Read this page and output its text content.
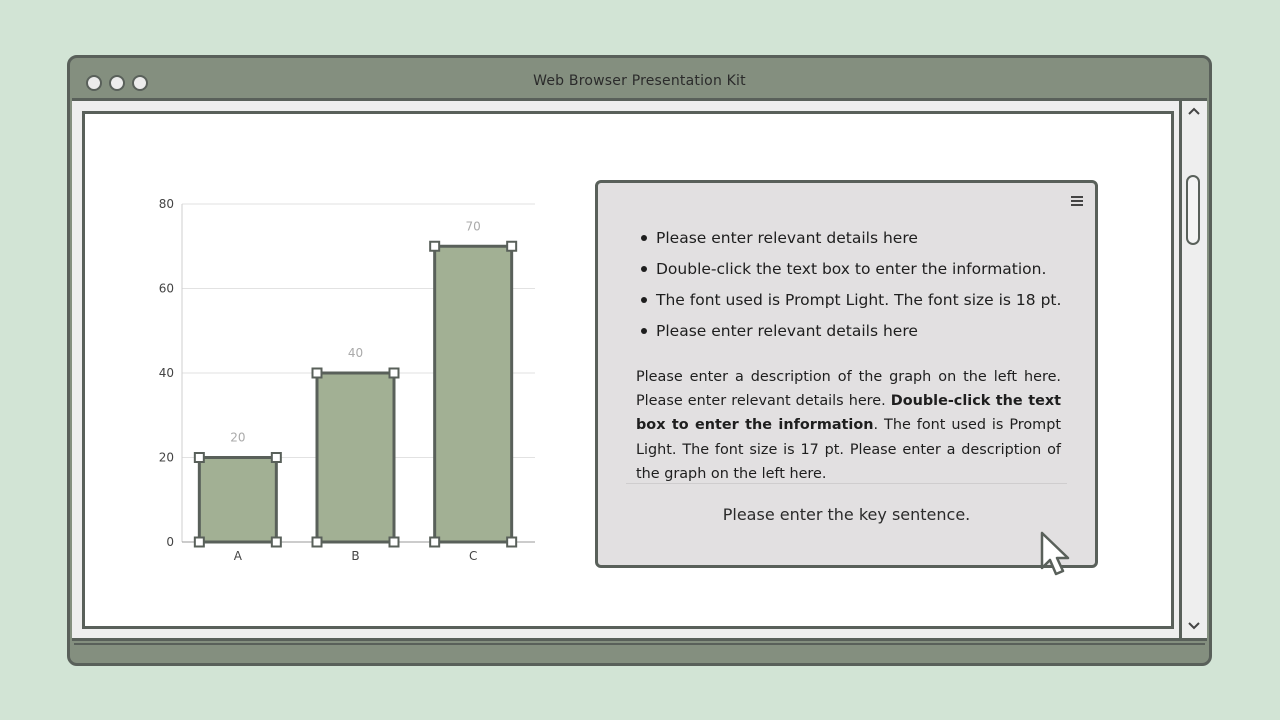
Web Browser Presentation Kit
0
20
40
60
80
20
A
40
B
70
C
Please enter relevant details here
Double-click the text box to enter the information.
The font used is Prompt Light. The font size is 18 pt.
Please enter relevant details here

Please enter a description of the graph on the left here. Please enter relevant details here. Double-click the text box to enter the information. The font used is Prompt Light. The font size is 17 pt. Please enter a description of the graph on the left here.

Please enter the key sentence.
